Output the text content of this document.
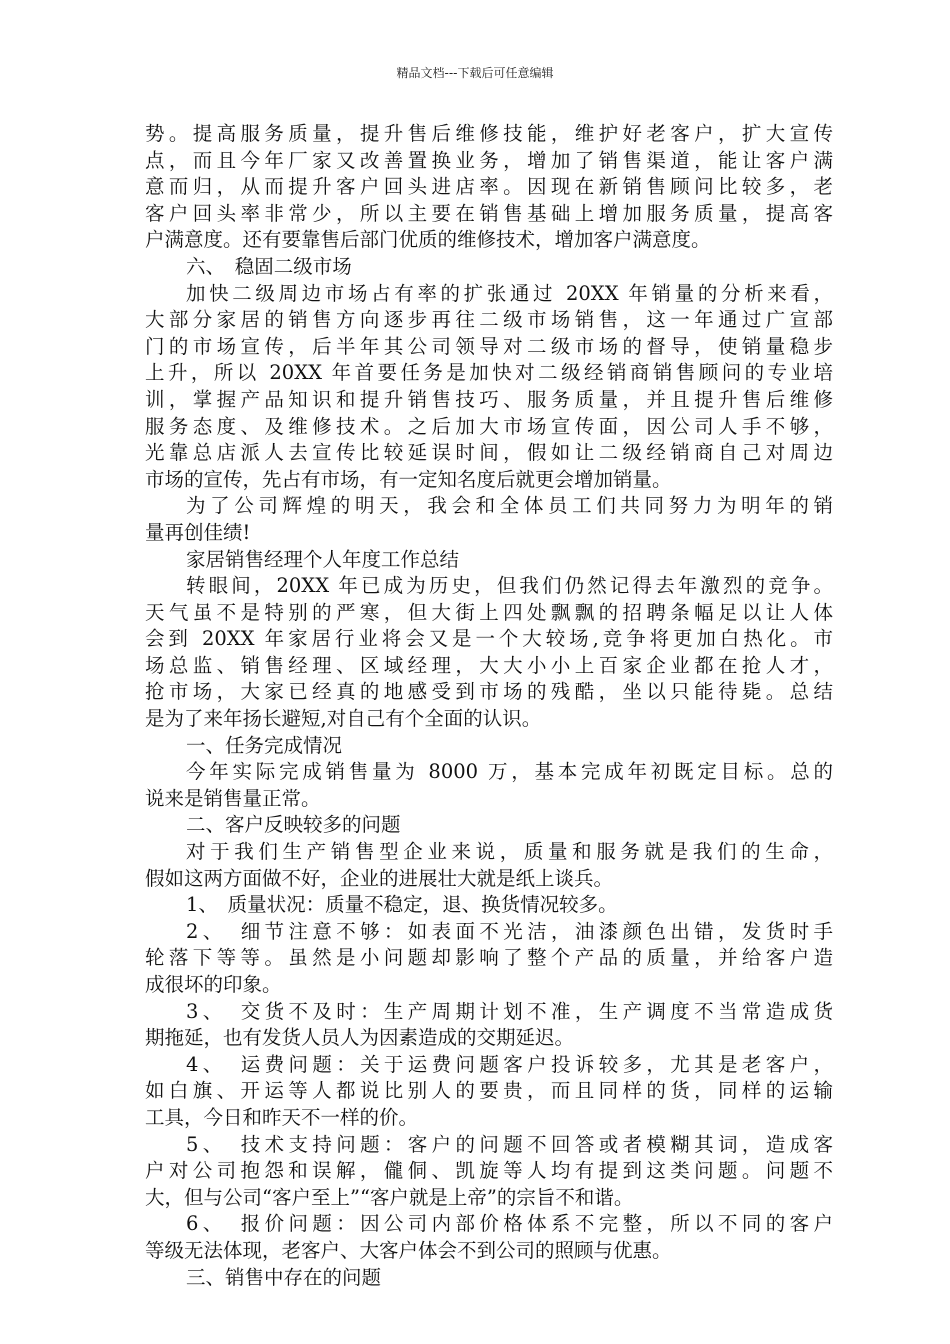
精品文档---下载后可任意编辑
势。提高服务质量，提升售后维修技能，维护好老客户，扩大宣传
点，而且今年厂家又改善置换业务，增加了销售渠道，能让客户满
意而归，从而提升客户回头进店率。因现在新销售顾问比较多，老
客户回头率非常少，所以主要在销售基础上增加服务质量，提高客
户满意度。还有要靠售后部门优质的维修技术，增加客户满意度。
六、　稳固二级市场
加快二级周边市场占有率的扩张通过 20XX 年销量的分析来看，
大部分家居的销售方向逐步再往二级市场销售，这一年通过广宣部
门的市场宣传，后半年其公司领导对二级市场的督导，使销量稳步
上升，所以 20XX 年首要任务是加快对二级经销商销售顾问的专业培
训，掌握产品知识和提升销售技巧、服务质量，并且提升售后维修
服务态度、及维修技术。之后加大市场宣传面，因公司人手不够，
光靠总店派人去宣传比较延误时间，假如让二级经销商自己对周边
市场的宣传，先占有市场，有一定知名度后就更会增加销量。
为了公司辉煌的明天，我会和全体员工们共同努力为明年的销
量再创佳绩!
家居销售经理个人年度工作总结
转眼间，20XX 年已成为历史，但我们仍然记得去年激烈的竞争。
天气虽不是特别的严寒，但大街上四处飘飘的招聘条幅足以让人体
会到 20XX 年家居行业将会又是一个大较场,竞争将更加白热化。市
场总监、销售经理、区域经理，大大小小上百家企业都在抢人才，
抢市场，大家已经真的地感受到市场的残酷，坐以只能待毙。总结
是为了来年扬长避短,对自己有个全面的认识。
一、任务完成情况
今年实际完成销售量为 8000 万，基本完成年初既定目标。总的
说来是销售量正常。
二、客户反映较多的问题
对于我们生产销售型企业来说，质量和服务就是我们的生命，
假如这两方面做不好，企业的进展壮大就是纸上谈兵。
1、　质量状况：质量不稳定，退、换货情况较多。
2、　细节注意不够：如表面不光洁，油漆颜色出错，发货时手
轮落下等等。虽然是小问题却影响了整个产品的质量，并给客户造
成很坏的印象。
3、　交货不及时：生产周期计划不准，生产调度不当常造成货
期拖延，也有发货人员人为因素造成的交期延迟。
4、　运费问题：关于运费问题客户投诉较多，尤其是老客户，
如白旗、开运等人都说比别人的要贵，而且同样的货，同样的运输
工具，今日和昨天不一样的价。
5、　技术支持问题：客户的问题不回答或者模糊其词，造成客
户对公司抱怨和误解，儱侗、凯旋等人均有提到这类问题。问题不
大，但与公司“客户至上”“客户就是上帝”的宗旨不和谐。
6、　报价问题：因公司内部价格体系不完整，所以不同的客户
等级无法体现，老客户、大客户体会不到公司的照顾与优惠。
三、销售中存在的问题
